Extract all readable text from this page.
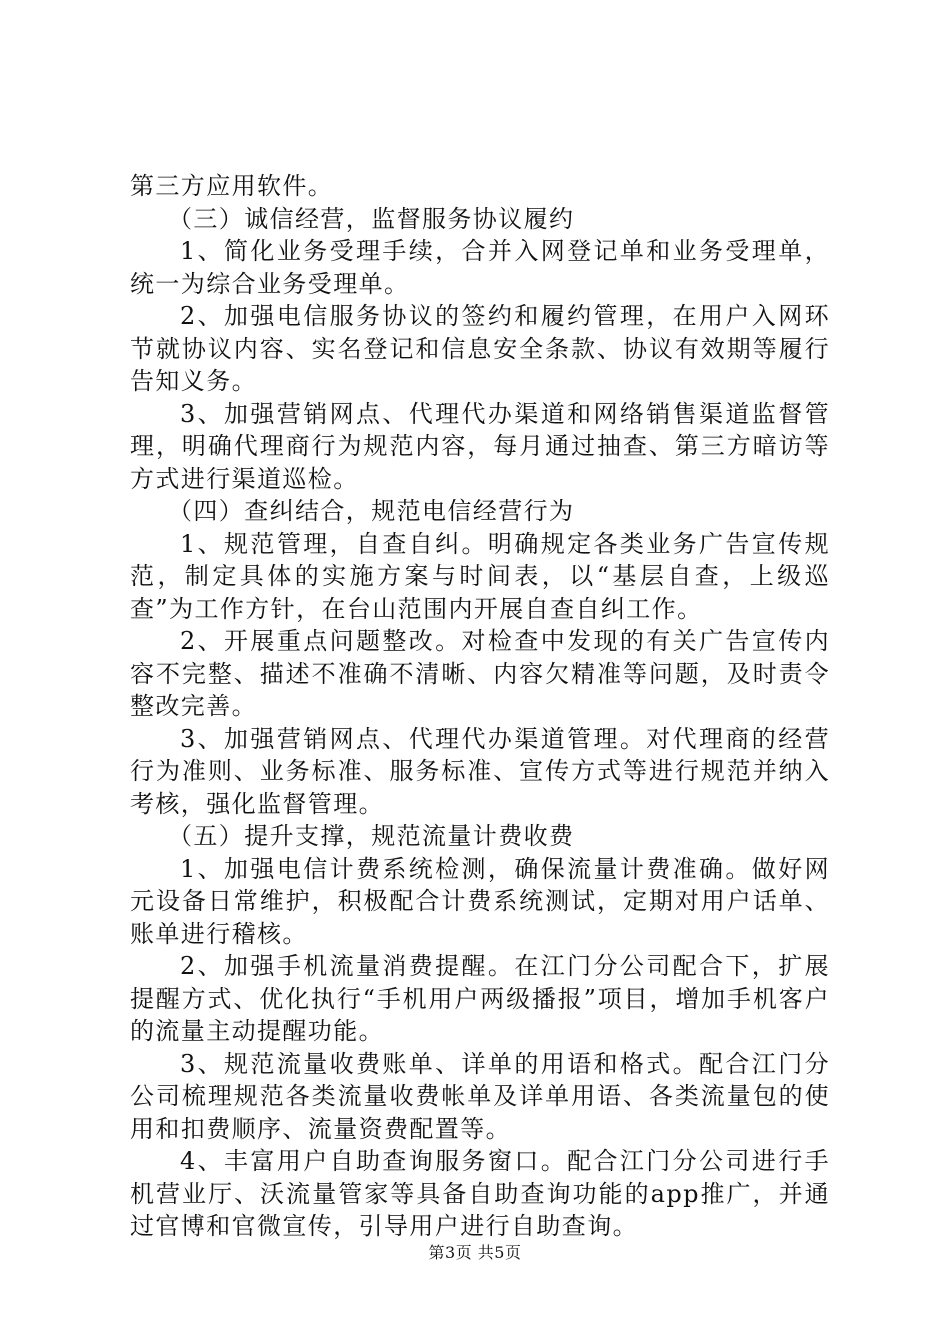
第三方应用软件。

（三）诚信经营，监督服务协议履约

1、简化业务受理手续，合并入网登记单和业务受理单，统一为综合业务受理单。

2、加强电信服务协议的签约和履约管理，在用户入网环节就协议内容、实名登记和信息安全条款、协议有效期等履行告知义务。

3、加强营销网点、代理代办渠道和网络销售渠道监督管理，明确代理商行为规范内容，每月通过抽查、第三方暗访等方式进行渠道巡检。

（四）查纠结合，规范电信经营行为

1、规范管理，自查自纠。明确规定各类业务广告宣传规范，制定具体的实施方案与时间表，以“基层自查，上级巡查”为工作方针，在台山范围内开展自查自纠工作。

2、开展重点问题整改。对检查中发现的有关广告宣传内容不完整、描述不准确不清晰、内容欠精准等问题，及时责令整改完善。

3、加强营销网点、代理代办渠道管理。对代理商的经营行为准则、业务标准、服务标准、宣传方式等进行规范并纳入考核，强化监督管理。

（五）提升支撑，规范流量计费收费

1、加强电信计费系统检测，确保流量计费准确。做好网元设备日常维护，积极配合计费系统测试，定期对用户话单、账单进行稽核。

2、加强手机流量消费提醒。在江门分公司配合下，扩展提醒方式、优化执行“手机用户两级播报”项目，增加手机客户的流量主动提醒功能。

3、规范流量收费账单、详单的用语和格式。配合江门分公司梳理规范各类流量收费帐单及详单用语、各类流量包的使用和扣费顺序、流量资费配置等。

4、丰富用户自助查询服务窗口。配合江门分公司进行手机营业厅、沃流量管家等具备自助查询功能的app推广，并通过官博和官微宣传，引导用户进行自助查询。

第3页 共5页
